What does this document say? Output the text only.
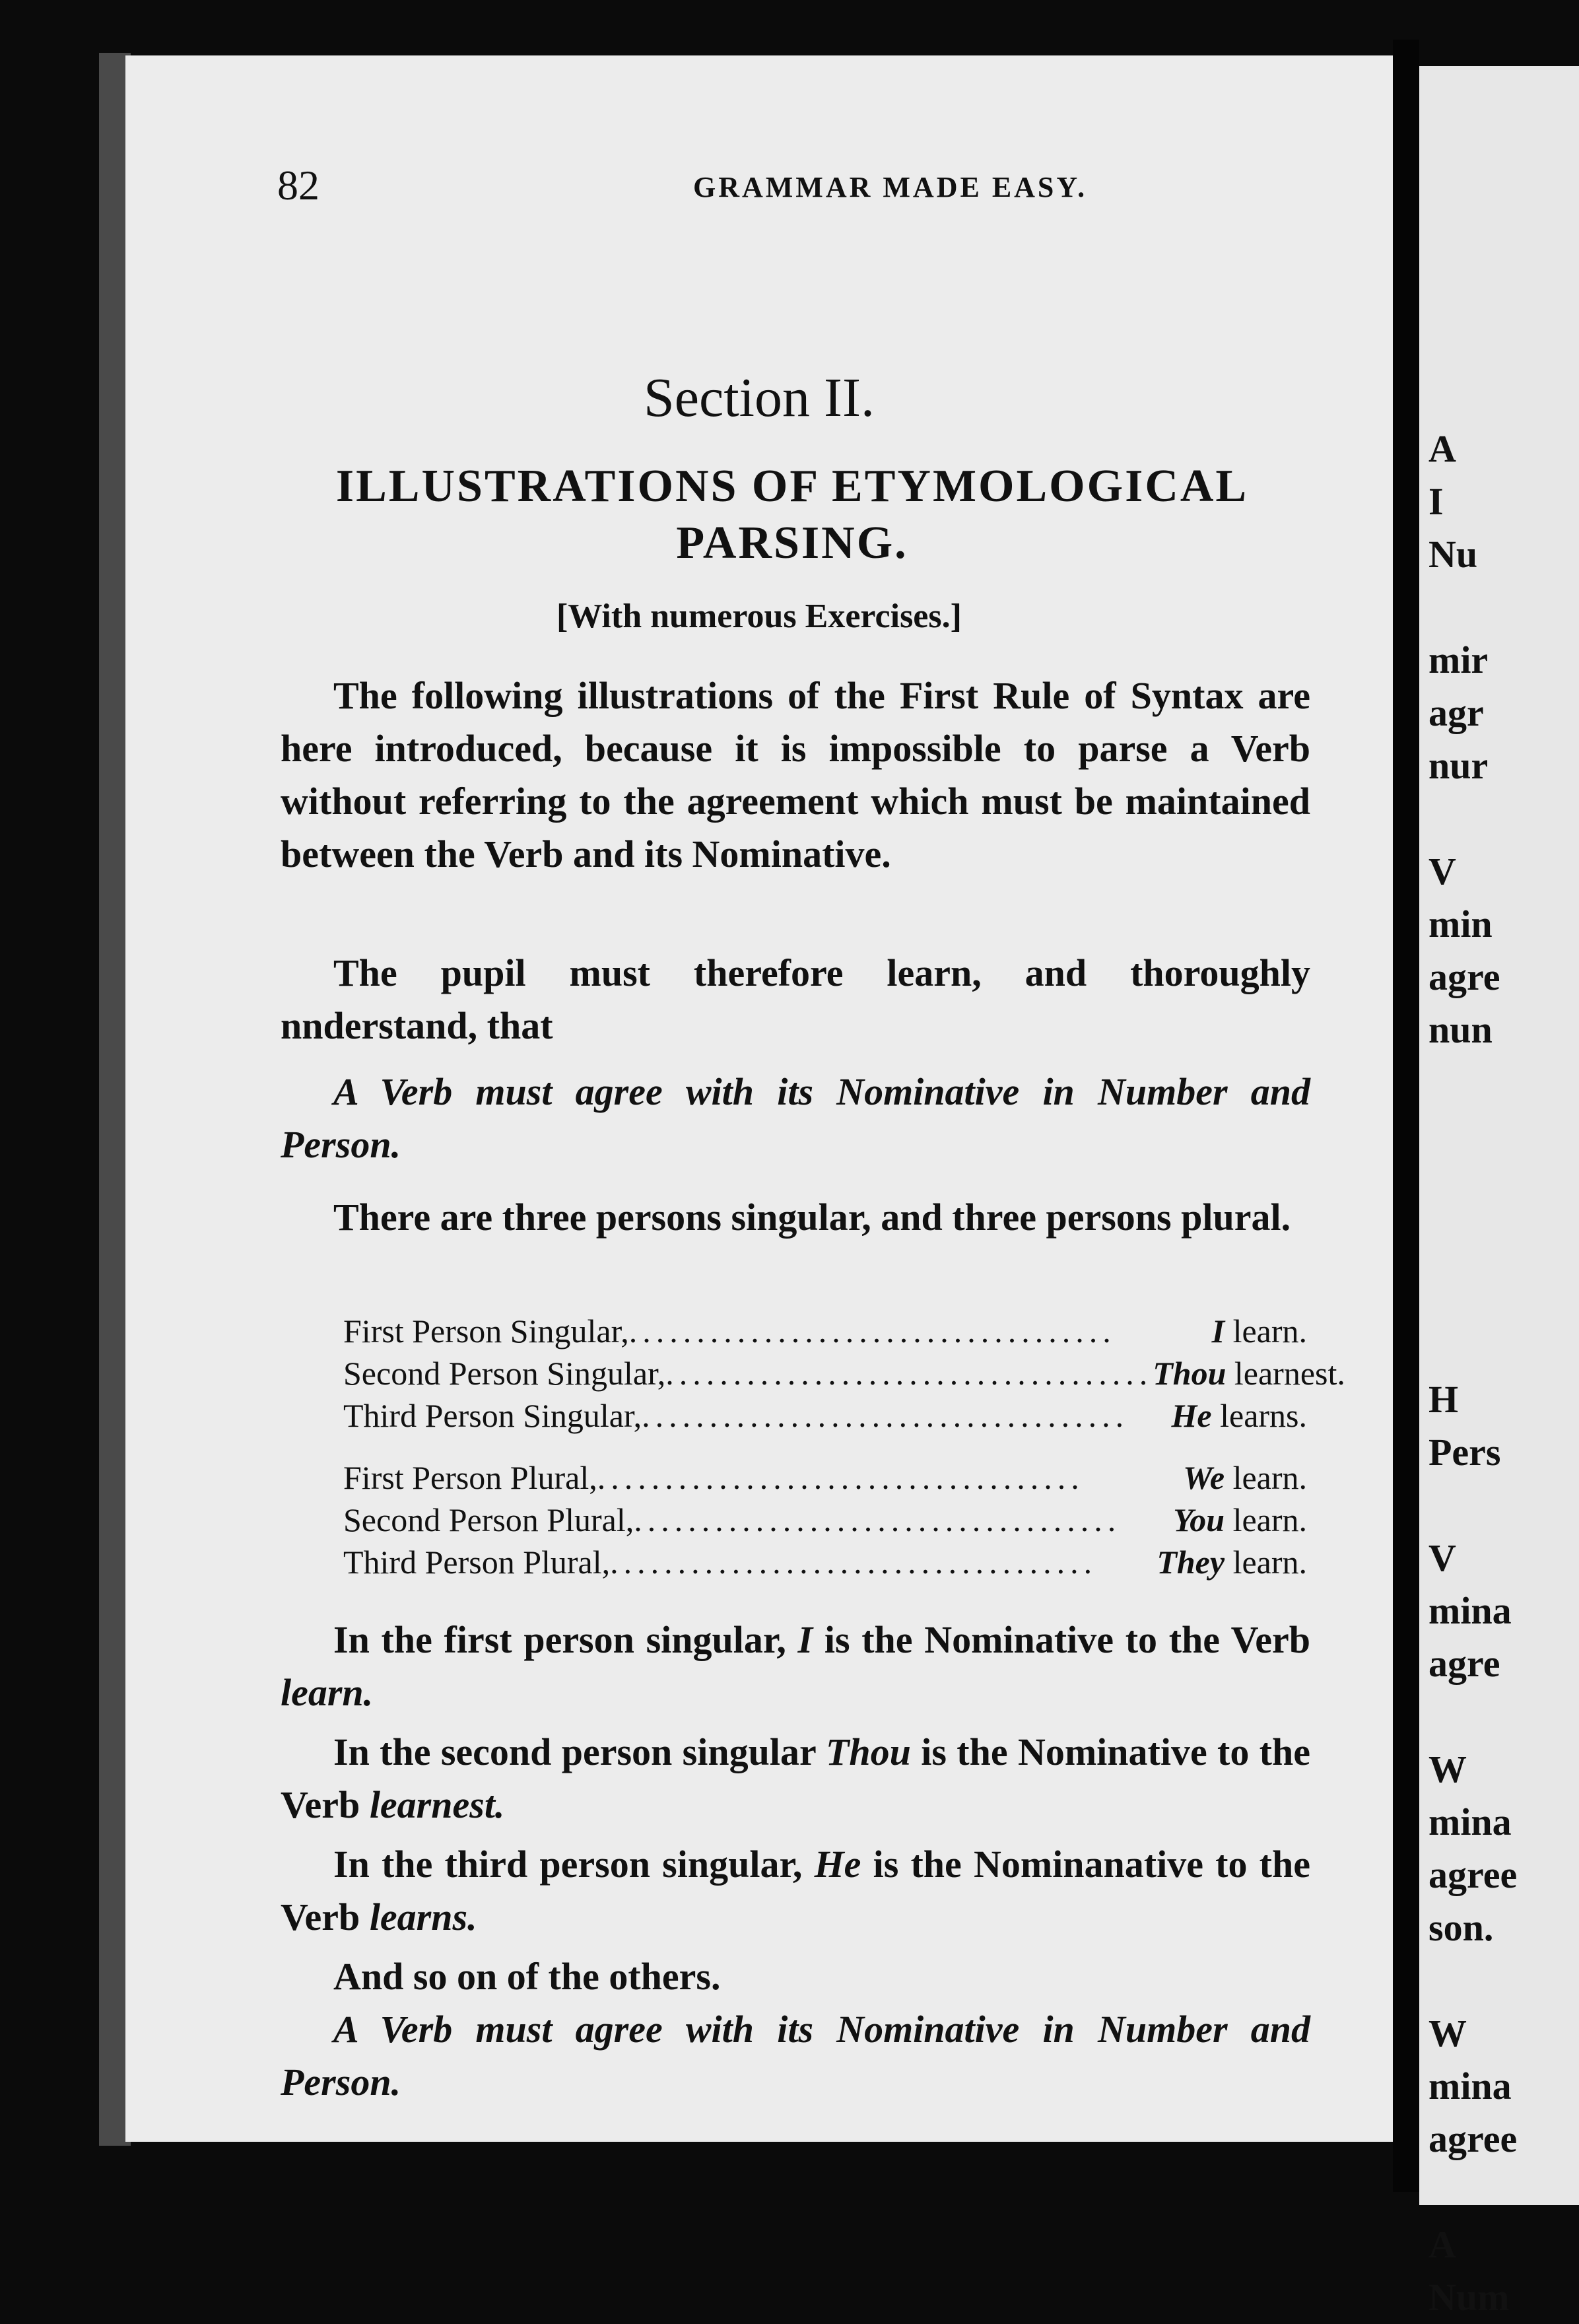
82	GRAMMAR MADE EASY.
Section II.
ILLUSTRATIONS OF ETYMOLOGICAL PARSING.
[With numerous Exercises.]

The following illustrations of the First Rule of Syntax are here introduced, because it is impossible to parse a Verb without referring to the agreement which must be maintained between the Verb and its Nominative.

The pupil must therefore learn, and thoroughly nnderstand, that

A Verb must agree with its Nominative in Number and Person.

There are three persons singular, and three persons plural.

First Person Singular, ....................................	I learn.
Second Person Singular, .................................... Thou learnest.
Third Person Singular, ....................................	He learns.
First Person Plural, ....................................	We learn.
Second Person Plural, ....................................	You learn.
Third Person Plural, ....................................	They learn.

In the first person singular, I is the Nominative to the Verb learn.

In the second person singular Thou is the Nominative to the Verb learnest.

In the third person singular, He is the Nominanative to the Verb learns.

And so on of the others.

A Verb must agree with its Nominative in Number and Person.

A
I
Nu

mir
agr
nur

V
min
agre
nun

H
Pers

V
mina
agre

W
mina
agree
son.

W
mina
agree

A
Num
